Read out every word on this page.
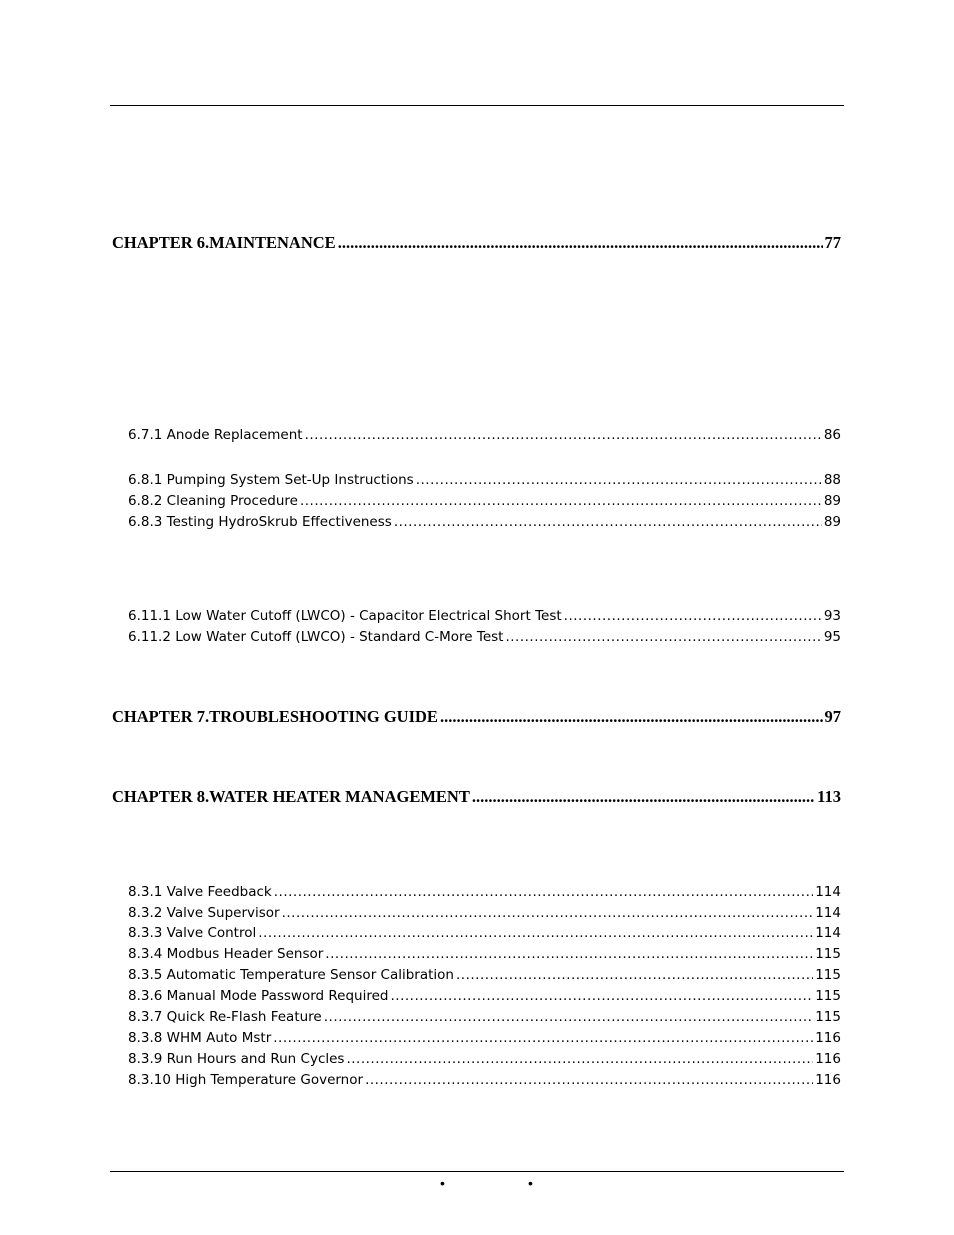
CHAPTER 6. MAINTENANCE .....	77
6.7.1 Anode Replacement .....	86
6.8.1 Pumping System Set-Up Instructions .....	88
6.8.2 Cleaning Procedure .....	89
6.8.3 Testing HydroSkrub Effectiveness .....	89
6.11.1 Low Water Cutoff (LWCO) - Capacitor Electrical Short Test .....	93
6.11.2 Low Water Cutoff (LWCO) - Standard C-More Test .....	95
CHAPTER 7. TROUBLESHOOTING GUIDE .....	97
CHAPTER 8. WATER HEATER MANAGEMENT .....	113
8.3.1 Valve Feedback .....	114
8.3.2 Valve Supervisor .....	114
8.3.3 Valve Control .....	114
8.3.4 Modbus Header Sensor .....	115
8.3.5 Automatic Temperature Sensor Calibration .....	115
8.3.6 Manual Mode Password Required .....	115
8.3.7 Quick Re-Flash Feature .....	115
8.3.8 WHM Auto Mstr .....	116
8.3.9 Run Hours and Run Cycles .....	116
8.3.10 High Temperature Governor .....	116
•	•
